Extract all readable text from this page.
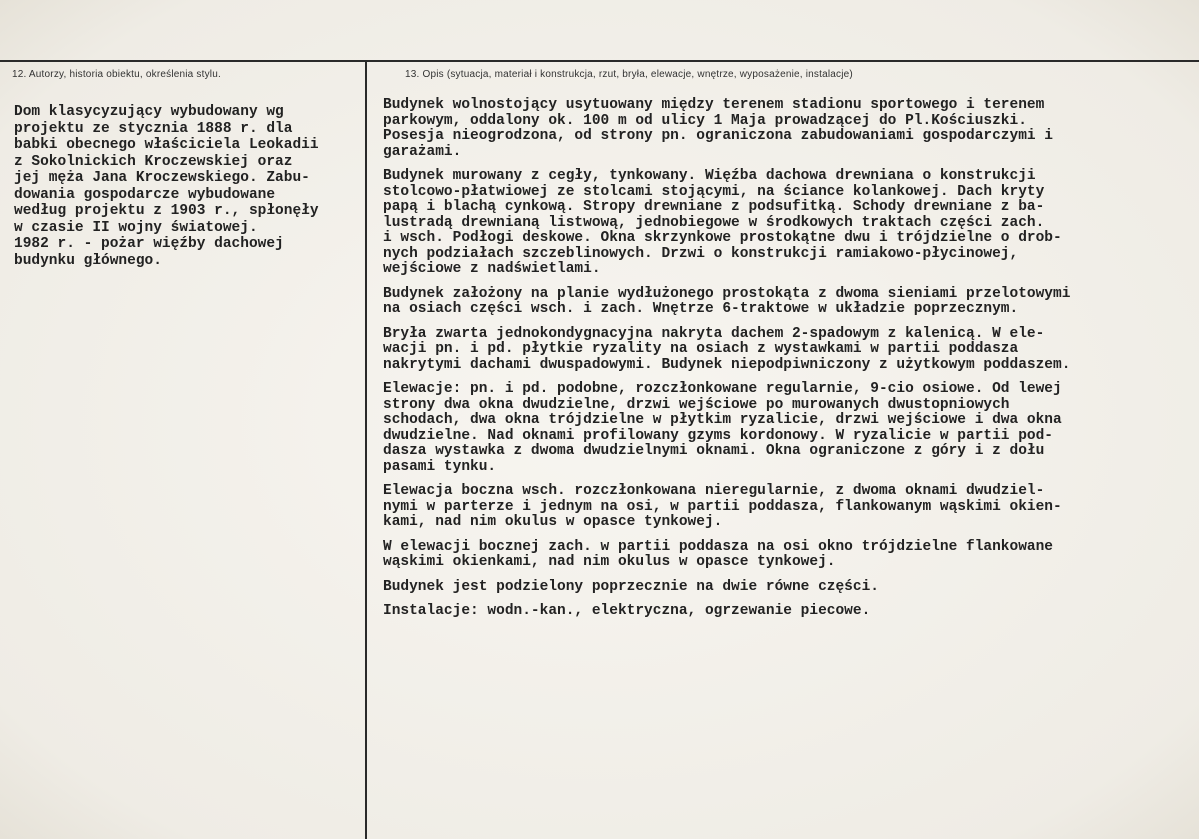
12. Autorzy, historia obiektu, określenia stylu.	13. Opis (sytuacja, materiał i konstrukcja, rzut, bryła, elewacje, wnętrze, wyposażenie, instalacje)
Dom klasycyzujący wybudowany wg
projektu ze stycznia 1888 r. dla
babki obecnego właściciela Leokadii
z Sokolnickich Kroczewskiej oraz
jej męża Jana Kroczewskiego. Zabu-
dowania gospodarcze wybudowane
według projektu z 1903 r., spłonęły
w czasie II wojny światowej.
1982 r. - pożar więźby dachowej
budynku głównego.
Budynek wolnostojący usytuowany między terenem stadionu sportowego i terenem
parkowym, oddalony ok. 100 m od ulicy 1 Maja prowadzącej do Pl.Kościuszki.
Posesja nieogrodzona, od strony pn. ograniczona zabudowaniami gospodarczymi i
garażami.
Budynek murowany z cegły, tynkowany. Więźba dachowa drewniana o konstrukcji
stolcowo-płatwiowej ze stolcami stojącymi, na ściance kolankowej. Dach kryty
papą i blachą cynkową. Stropy drewniane z podsufitką. Schody drewniane z ba-
lustradą drewnianą listwową, jednobiegowe w środkowych traktach części zach.
i wsch. Podłogi deskowe. Okna skrzynkowe prostokątne dwu i trójdzielne o drob-
nych podziałach szczeblinowych. Drzwi o konstrukcji ramiakowo-płycinowej,
wejściowe z nadświetlami.
Budynek założony na planie wydłużonego prostokąta z dwoma sieniami przelotowymi
na osiach części wsch. i zach. Wnętrze 6-traktowe w układzie poprzecznym.
Bryła zwarta jednokondygnacyjna nakryta dachem 2-spadowym z kalenicą. W ele-
wacji pn. i pd. płytkie ryzality na osiach z wystawkami w partii poddasza
nakrytymi dachami dwuspadowymi. Budynek niepodpiwniczony z użytkowym poddaszem.
Elewacje: pn. i pd. podobne, rozczłonkowane regularnie, 9-cio osiowe. Od lewej
strony dwa okna dwudzielne, drzwi wejściowe po murowanych dwustopniowych
schodach, dwa okna trójdzielne w płytkim ryzalicie, drzwi wejściowe i dwa okna
dwudzielne. Nad oknami profilowany gzyms kordonowy. W ryzalicie w partii pod-
dasza wystawka z dwoma dwudzielnymi oknami. Okna ograniczone z góry i z dołu
pasami tynku.
Elewacja boczna wsch. rozczłonkowana nieregularnie, z dwoma oknami dwudziel-
nymi w parterze i jednym na osi, w partii poddasza, flankowanym wąskimi okien-
kami, nad nim okulus w opasce tynkowej.
W elewacji bocznej zach. w partii poddasza na osi okno trójdzielne flankowane
wąskimi okienkami, nad nim okulus w opasce tynkowej.
Budynek jest podzielony poprzecznie na dwie równe części.
Instalacje: wodn.-kan., elektryczna, ogrzewanie piecowe.
